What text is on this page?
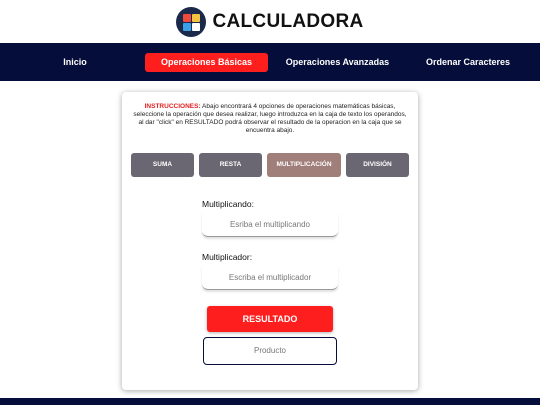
CALCULADORA
Inicio	Operaciones Básicas	Operaciones Avanzadas	Ordenar Caracteres

INSTRUCCIONES: Abajo encontrará 4 opciones de operaciones matemáticas básicas, seleccione la operación que desea realizar, luego introduzca en la caja de texto los operandos, al dar "click" en RESULTADO podrá observar el resultado de la operacion en la caja que se encuentra abajo.

SUMA	RESTA	MULTIPLICACIÓN	DIVISIÓN
Multiplicando:
Esriba el multiplicando
Multiplicador:
Escriba el multiplicador
RESULTADO
Producto
